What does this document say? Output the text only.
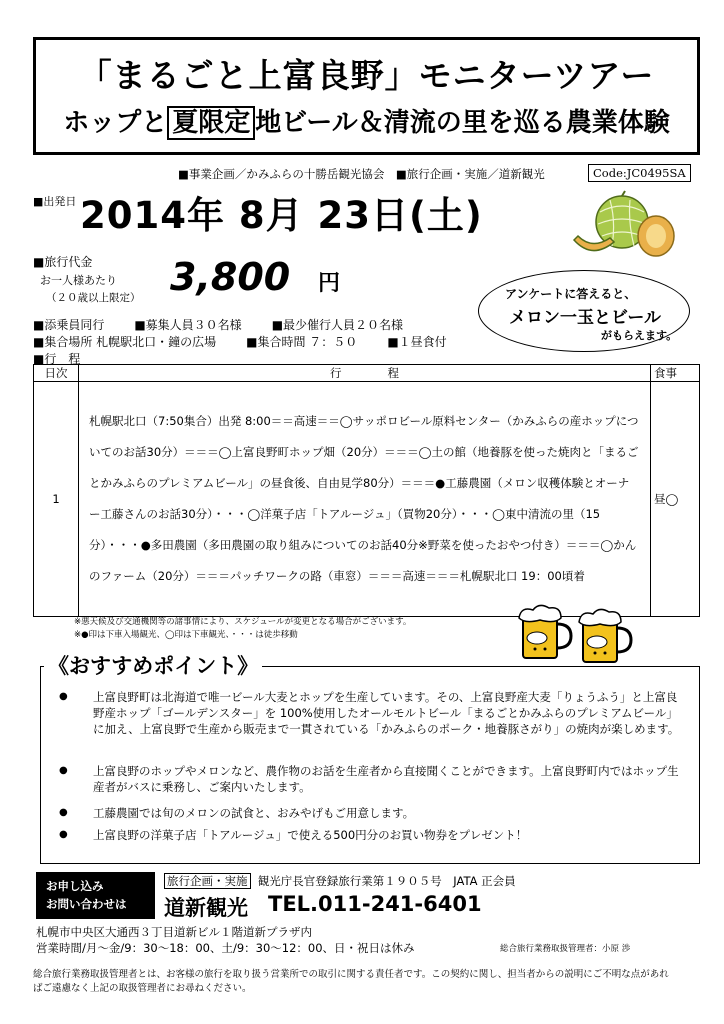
「まるごと上富良野」モニターツアー
ホップと 夏限定 地ビール＆清流の里を巡る農業体験
■事業企画／かみふらの十勝岳観光協会　■旅行企画・実施／道新観光	Code:JC0495SA
■出発日 2014年 8月 23日(土)
■旅行代金
お一人様あたり
（２０歳以上限定） 3,800 円	アンケートに答えると、
メロン一玉とビール
がもらえます。
■添乗員同行	■募集人員３０名様	■最少催行人員２０名様
■集合場所 札幌駅北口・鐘の広場	■集合時間 ７：５０	■１昼食付
■行　程
日次	行　　　　程	食事
1	札幌駅北口（7:50集合）出発 8:00＝＝高速＝＝◯サッポロビール原料センター（かみふらの産ホップについてのお話30分）＝＝＝◯上富良野町ホップ畑（20分）＝＝＝◯土の館（地養豚を使った焼肉と「まるごとかみふらのプレミアムビール」の昼食後、自由見学80分）＝＝＝●工藤農園（メロン収穫体験とオーナー工藤さんのお話30分）・・・◯洋菓子店「トアルージュ」（買物20分）・・・◯東中清流の里（15分）・・・●多田農園（多田農園の取り組みについてのお話40分※野菜を使ったおやつ付き）＝＝＝◯かんのファーム（20分）＝＝＝パッチワークの路（車窓）＝＝＝高速＝＝＝札幌駅北口 19：00頃着	昼◯
※悪天候及び交通機関等の諸事情により、スケジュールが変更となる場合がございます。
※●印は下車入場観光、◯印は下車観光、・・・は徒歩移動
● 上富良野町は北海道で唯一ビール大麦とホップを生産しています。その、上富良野産大麦「りょうふう」と上富良野産ホップ「ゴールデンスター」を 100%使用したオールモルトビール「まるごとかみふらのプレミアムビール」に加え、上富良野で生産から販売まで一貫されている「かみふらのポーク・地養豚さがり」の焼肉が楽しめます。
● 上富良野のホップやメロンなど、農作物のお話を生産者から直接聞くことができます。上富良野町内ではホップ生産者がバスに乗務し、ご案内いたします。
● 工藤農園では旬のメロンの試食と、おみやげもご用意します。
● 上富良野の洋菓子店「トアルージュ」で使える500円分のお買い物券をプレゼント！
《おすすめポイント》
お申し込み
お問い合わせは
旅行企画・実施 観光庁長官登録旅行業第１９０５号　JATA 正会員
道新観光 TEL.011-241-6401
札幌市中央区大通西３丁目道新ビル１階道新プラザ内
営業時間/月～金/9：30～18：00、土/9：30～12：00、日・祝日は休み	総合旅行業務取扱管理者：小原 渉
総合旅行業務取扱管理者とは、お客様の旅行を取り扱う営業所での取引に関する責任者です。この契約に関し、担当者からの説明にご不明な点があれ
ばご遠慮なく上記の取扱管理者にお尋ねください。
